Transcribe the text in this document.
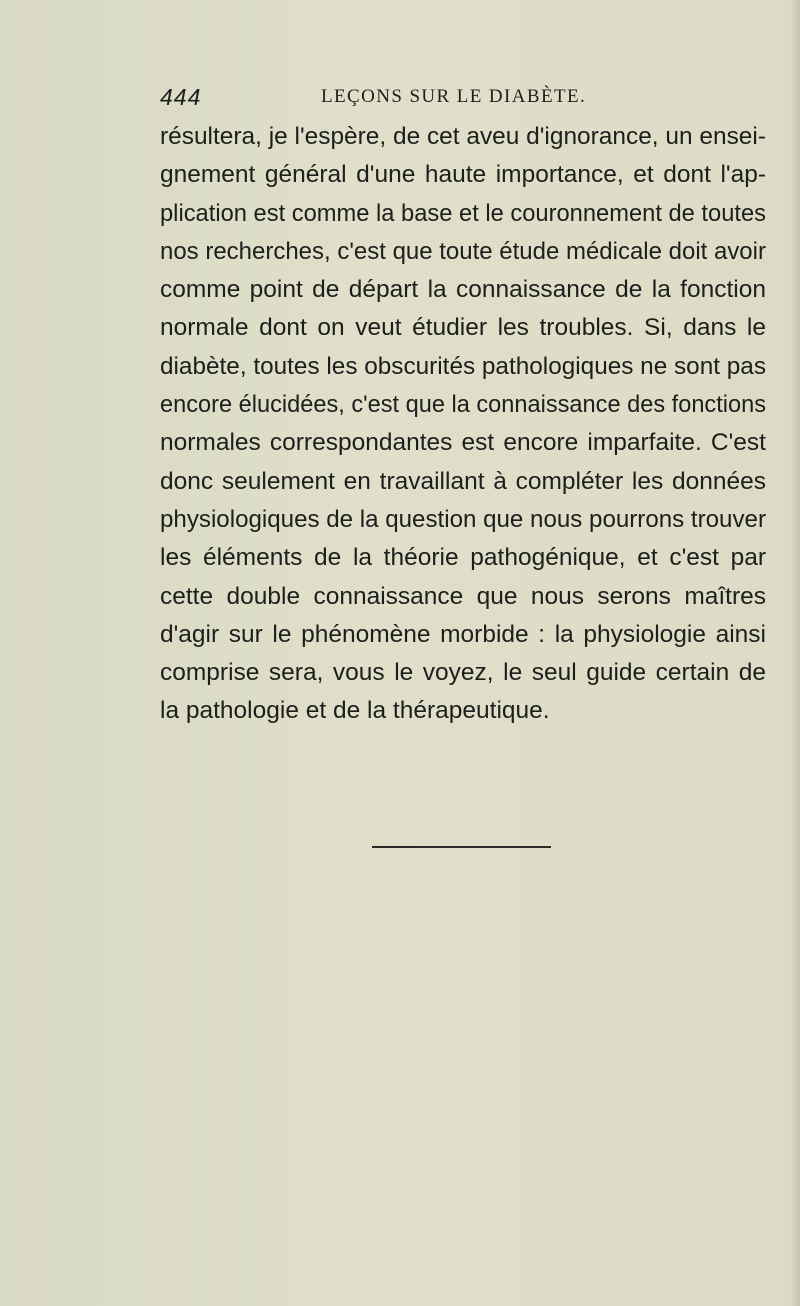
444	LEÇONS SUR LE DIABÈTE.
résultera, je l'espère, de cet aveu d'ignorance, un ensei-
gnement général d'une haute importance, et dont l'ap-
plication est comme la base et le couronnement de toutes
nos recherches, c'est que toute étude médicale doit avoir
comme point de départ la connaissance de la fonction
normale dont on veut étudier les troubles. Si, dans le
diabète, toutes les obscurités pathologiques ne sont pas
encore élucidées, c'est que la connaissance des fonctions
normales correspondantes est encore imparfaite. C'est
donc seulement en travaillant à compléter les données
physiologiques de la question que nous pourrons trouver
les éléments de la théorie pathogénique, et c'est par
cette double connaissance que nous serons maîtres
d'agir sur le phénomène morbide : la physiologie ainsi
comprise sera, vous le voyez, le seul guide certain de
la pathologie et de la thérapeutique.
